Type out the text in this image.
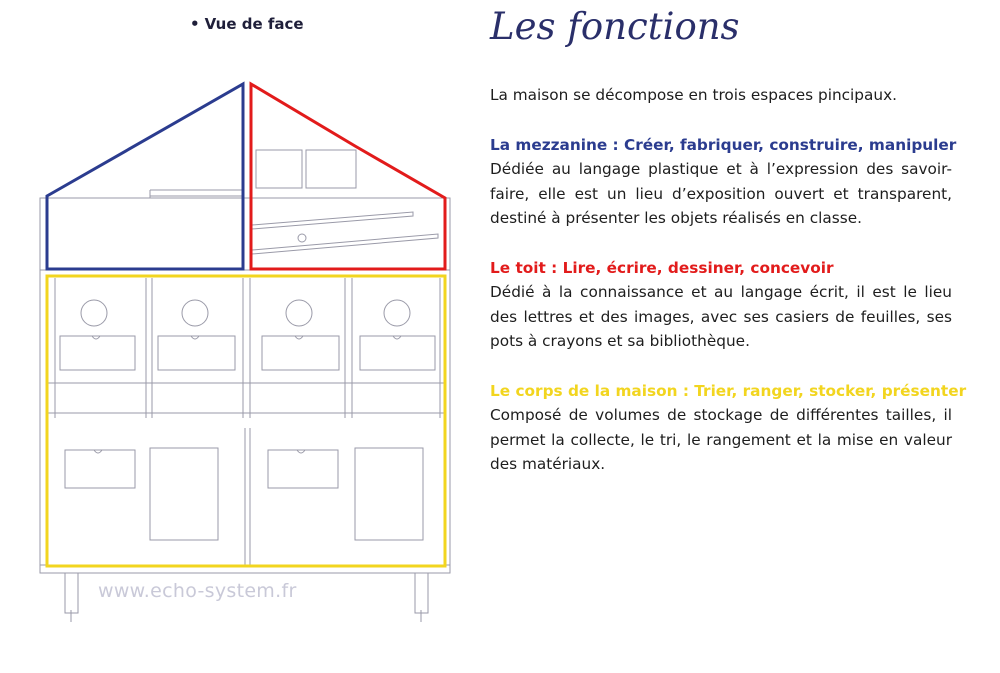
• Vue de face
www.echo-system.fr
Les fonctions

La maison se décompose en trois espaces pincipaux.

La mezzanine : Créer, fabriquer, construire, manipuler

Dédiée au langage plastique et à l’expression des savoir-faire, elle est un lieu d’exposition ouvert et transparent, destiné à présenter les objets réalisés en classe.

Le toit : Lire, écrire, dessiner, concevoir

Dédié à la connaissance et au langage écrit, il est le lieu des lettres et des images, avec ses casiers de feuilles, ses pots à crayons et sa bibliothèque.

Le corps de la maison : Trier, ranger, stocker, présenter

Composé de volumes de stockage de différentes tailles, il permet la collecte, le tri, le rangement et la mise en valeur des matériaux.
